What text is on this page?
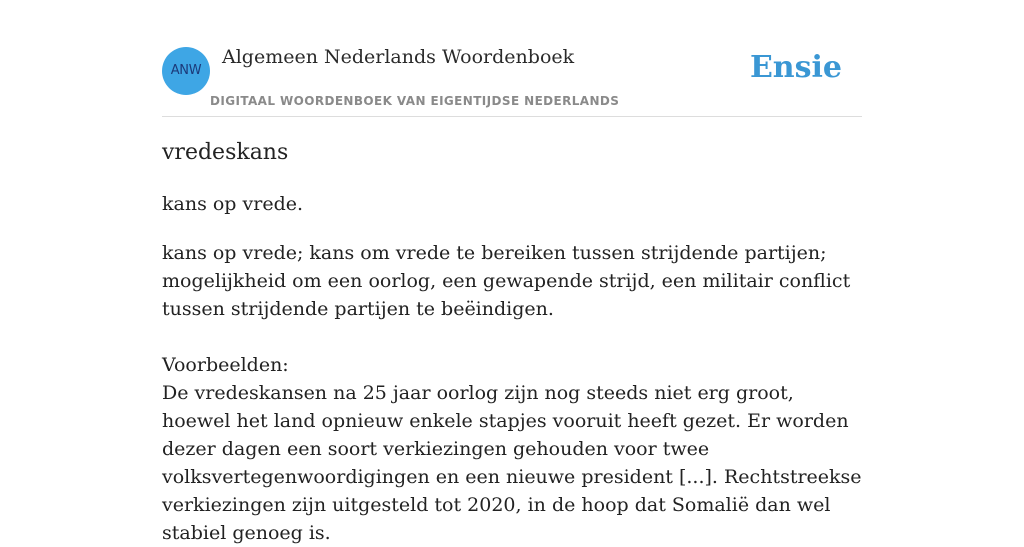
ANW
Algemeen Nederlands Woordenboek
DIGITAAL WOORDENBOEK VAN EIGENTIJDSE NEDERLANDS
Ensie
vredeskans
kans op vrede.

kans op vrede; kans om vrede te bereiken tussen strijdende partijen; mogelijkheid om een oorlog, een gewapende strijd, een militair conflict tussen strijdende partijen te beëindigen.

Voorbeelden:

De vredeskansen na 25 jaar oorlog zijn nog steeds niet erg groot, hoewel het land opnieuw enkele stapjes vooruit heeft gezet. Er worden dezer dagen een soort verkiezingen gehouden voor twee volksvertegenwoordigingen en een nieuwe president [...]. Rechtstreekse verkiezingen zijn uitgesteld tot 2020, in de hoop dat Somalië dan wel stabiel genoeg is.
